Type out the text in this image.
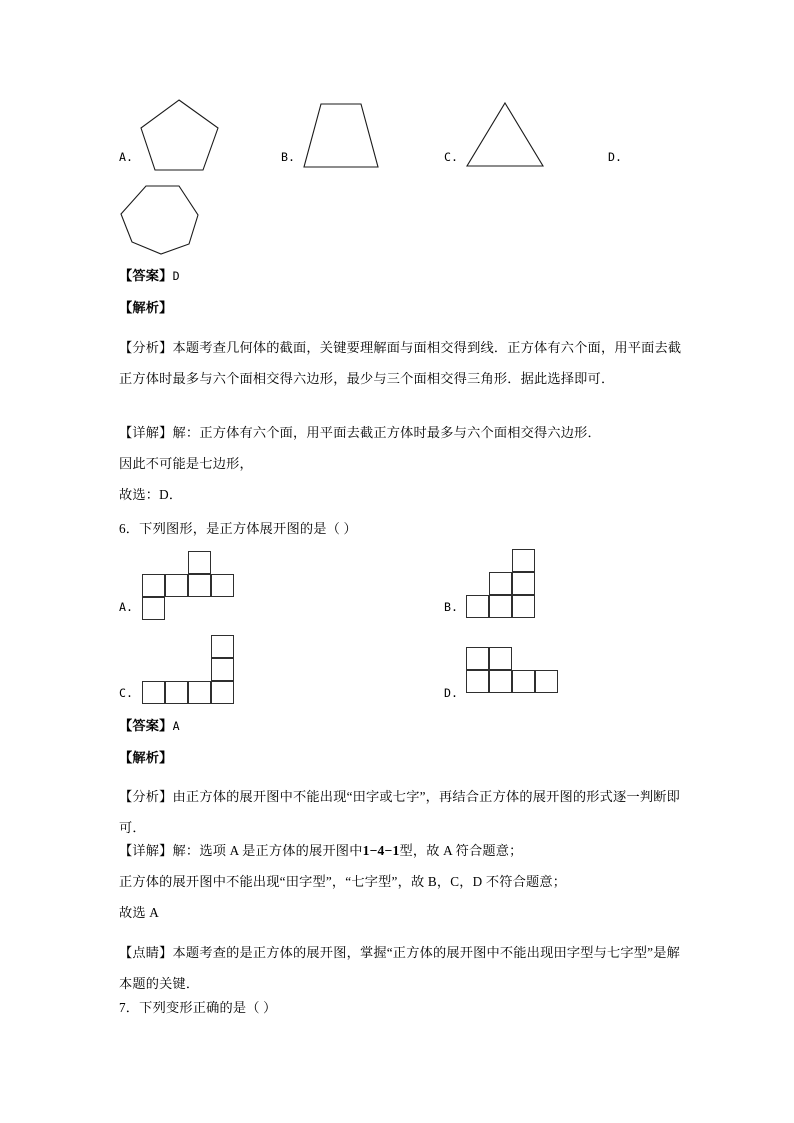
A.	B.	C.	D.
【答案】D
【解析】
【分析】本题考查几何体的截面，关键要理解面与面相交得到线．正方体有六个面，用平面去截正方体时最多与六个面相交得六边形，最少与三个面相交得三角形．据此选择即可．
【详解】解：正方体有六个面，用平面去截正方体时最多与六个面相交得六边形．
因此不可能是七边形，
故选：D．
6．下列图形，是正方体展开图的是（ ）
A.	B.
C.	D.
【答案】A
【解析】
【分析】由正方体的展开图中不能出现“田字或七字”，再结合正方体的展开图的形式逐一判断即可．
【详解】解：选项 A 是正方体的展开图中1−4−1型，故 A 符合题意；
正方体的展开图中不能出现“田字型”，“七字型”，故 B，C，D 不符合题意；
故选 A
【点睛】本题考查的是正方体的展开图，掌握“正方体的展开图中不能出现田字型与七字型”是解本题的关键．
7．下列变形正确的是（ ）
